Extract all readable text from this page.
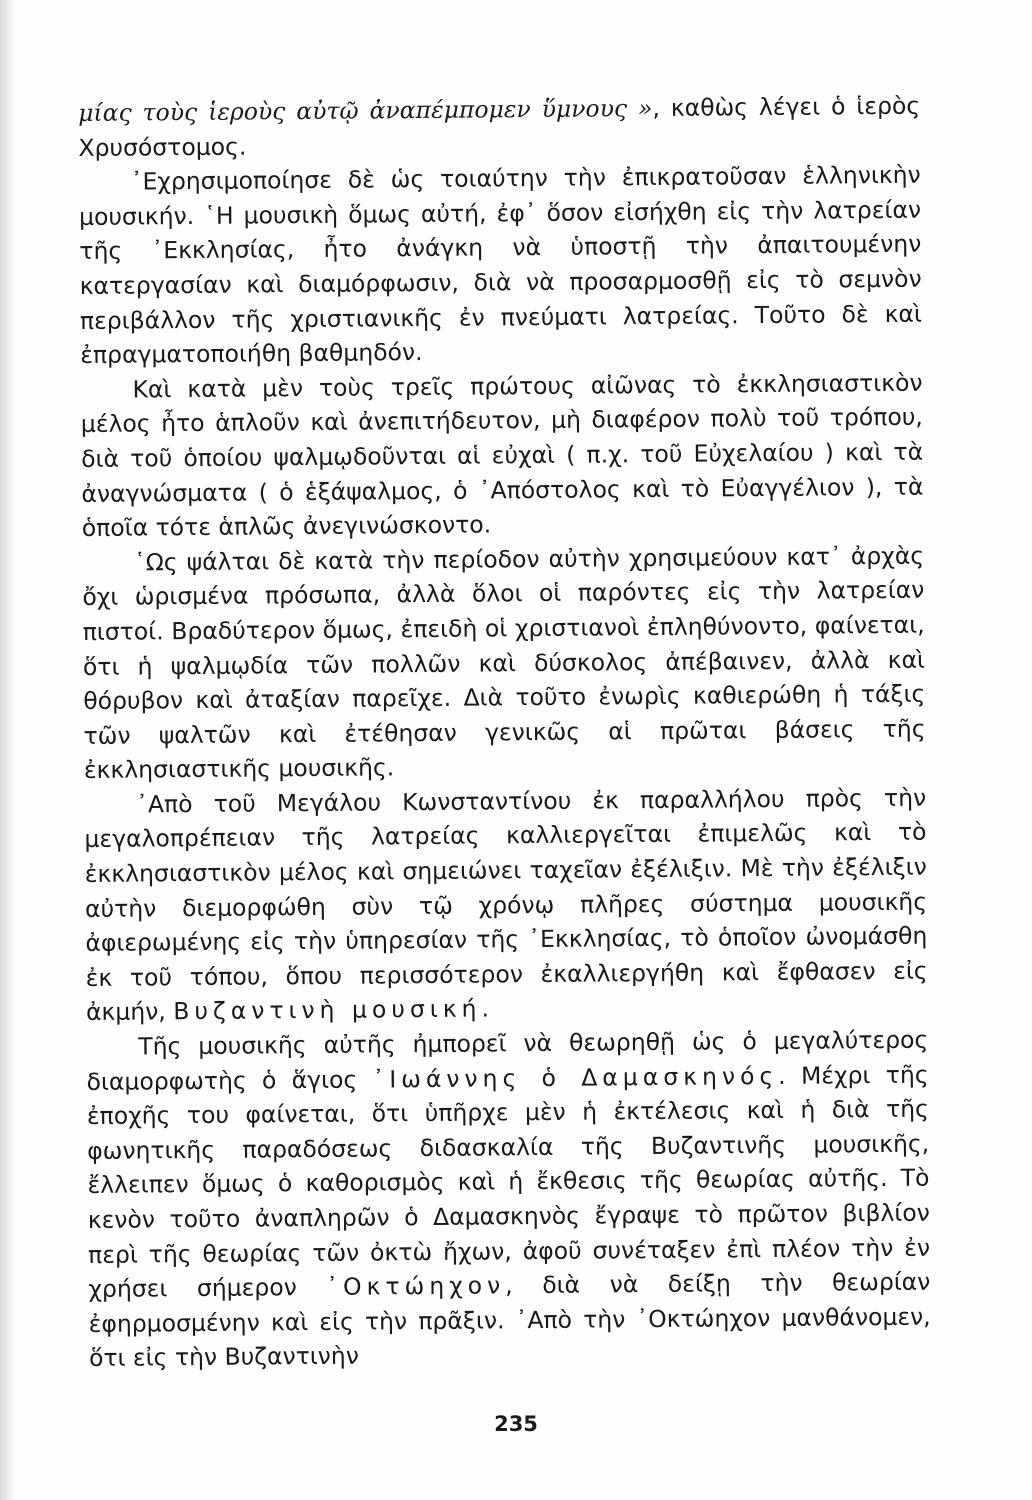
μίας τοὺς ἱεροὺς αὐτῷ ἀναπέμπομεν ὕμνους », καθὼς λέγει ὁ ἱερὸς Χρυσόστομος.

᾽Εχρησιμοποίησε δὲ ὡς τοιαύτην τὴν ἐπικρατοῦσαν ἑλληνικὴν μουσικήν. ῾Η μουσικὴ ὅμως αὐτή, ἐφ᾽ ὅσον εἰσήχθη εἰς τὴν λατρείαν τῆς ᾽Εκκλησίας, ἦτο ἀνάγκη νὰ ὑποστῇ τὴν ἀπαιτουμένην κατεργασίαν καὶ διαμόρφωσιν, διὰ νὰ προσαρμοσθῇ εἰς τὸ σεμνὸν περιβάλλον τῆς χριστιανικῆς ἐν πνεύματι λατρείας. Τοῦτο δὲ καὶ ἐπραγματοποιήθη βαθμηδόν.

Καὶ κατὰ μὲν τοὺς τρεῖς πρώτους αἰῶνας τὸ ἐκκλησιαστικὸν μέλος ἦτο ἁπλοῦν καὶ ἀνεπιτήδευτον, μὴ διαφέρον πολὺ τοῦ τρόπου, διὰ τοῦ ὁποίου ψαλμῳδοῦνται αἱ εὐχαὶ ( π.χ. τοῦ Εὐχελαίου ) καὶ τὰ ἀναγνώσματα ( ὁ ἑξάψαλμος, ὁ ᾽Απόστολος καὶ τὸ Εὐαγγέλιον ), τὰ ὁποῖα τότε ἁπλῶς ἀνεγινώσκοντο.

῾Ως ψάλται δὲ κατὰ τὴν περίοδον αὐτὴν χρησιμεύουν κατ᾽ ἀρχὰς ὄχι ὡρισμένα πρόσωπα, ἀλλὰ ὅλοι οἱ παρόντες εἰς τὴν λατρείαν πιστοί. Βραδύτερον ὅμως, ἐπειδὴ οἱ χριστιανοὶ ἐπληθύνοντο, φαίνεται, ὅτι ἡ ψαλμῳδία τῶν πολλῶν καὶ δύσκολος ἀπέβαινεν, ἀλλὰ καὶ θόρυβον καὶ ἀταξίαν παρεῖχε. Διὰ τοῦτο ἐνωρὶς καθιερώθη ἡ τάξις τῶν ψαλτῶν καὶ ἐτέθησαν γενικῶς αἱ πρῶται βάσεις τῆς ἐκκλησιαστικῆς μουσικῆς.

᾽Απὸ τοῦ Μεγάλου Κωνσταντίνου ἐκ παραλλήλου πρὸς τὴν μεγαλοπρέπειαν τῆς λατρείας καλλιεργεῖται ἐπιμελῶς καὶ τὸ ἐκκλησιαστικὸν μέλος καὶ σημειώνει ταχεῖαν ἐξέλιξιν. Μὲ τὴν ἐξέλιξιν αὐτὴν διεμορφώθη σὺν τῷ χρόνῳ πλῆρες σύστημα μουσικῆς ἀφιερωμένης εἰς τὴν ὑπηρεσίαν τῆς ᾽Εκκλησίας, τὸ ὁποῖον ὠνομάσθη ἐκ τοῦ τόπου, ὅπου περισσότερον ἐκαλλιεργήθη καὶ ἔφθασεν εἰς ἀκμήν, Βυζαντινὴ μουσική.

Τῆς μουσικῆς αὐτῆς ἠμπορεῖ νὰ θεωρηθῇ ὡς ὁ μεγαλύτερος διαμορφωτὴς ὁ ἅγιος ᾽Ιωάννης ὁ Δαμασκηνός. Μέχρι τῆς ἐποχῆς του φαίνεται, ὅτι ὑπῆρχε μὲν ἡ ἐκτέλεσις καὶ ἡ διὰ τῆς φωνητικῆς παραδόσεως διδασκαλία τῆς Βυζαντινῆς μουσικῆς, ἔλλειπεν ὅμως ὁ καθορισμὸς καὶ ἡ ἔκθεσις τῆς θεωρίας αὐτῆς. Τὸ κενὸν τοῦτο ἀναπληρῶν ὁ Δαμασκηνὸς ἔγραψε τὸ πρῶτον βιβλίον περὶ τῆς θεωρίας τῶν ὀκτὼ ἤχων, ἀφοῦ συνέταξεν ἐπὶ πλέον τὴν ἐν χρήσει σήμερον ᾽Οκτώηχον, διὰ νὰ δείξῃ τὴν θεωρίαν ἐφηρμοσμένην καὶ εἰς τὴν πρᾶξιν. ᾽Απὸ τὴν ᾽Οκτώηχον μανθάνομεν, ὅτι εἰς τὴν Βυζαντινὴν

235
